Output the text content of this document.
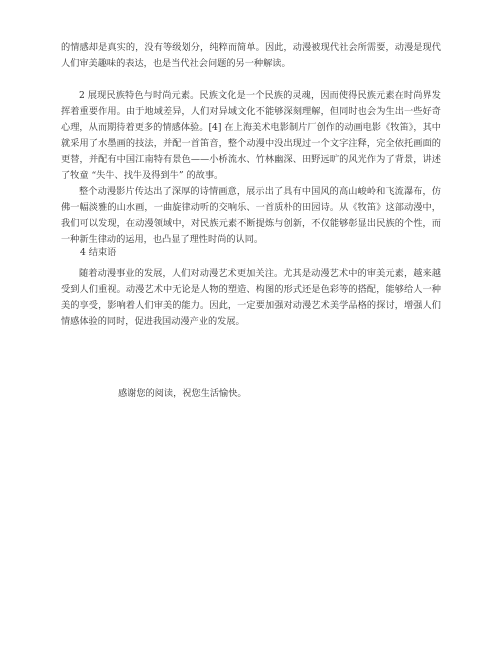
的情感却是真实的，没有等级划分，纯粹而简单。因此，动漫被现代社会所需要，动漫是现代人们审美趣味的表达，也是当代社会问题的另一种解读。

2 展现民族特色与时尚元素。民族文化是一个民族的灵魂，因而使得民族元素在时尚界发挥着重要作用。由于地域差异，人们对异域文化不能够深刻理解，但同时也会为生出一些好奇心理，从而期待着更多的情感体验。[4] 在上海美术电影制片厂创作的动画电影《牧笛》，其中就采用了水墨画的技法，并配一首笛音，整个动漫中没出现过一个文字注释，完全依托画面的更替，并配有中国江南特有景色——小桥流水、竹林幽深、田野远旷的风光作为了背景，讲述了牧童 “失牛、找牛及得到牛” 的故事。

整个动漫影片传达出了深厚的诗情画意，展示出了具有中国风的高山峻岭和飞流瀑布，仿佛一幅淡雅的山水画，一曲旋律动听的交响乐、一首质朴的田园诗。从《牧笛》这部动漫中，我们可以发现，在动漫领域中，对民族元素不断提炼与创新，不仅能够彰显出民族的个性，而一种新生律动的运用，也凸显了理性时尚的认同。

4 结束语

随着动漫事业的发展，人们对动漫艺术更加关注。尤其是动漫艺术中的审美元素，越来越受到人们重视。动漫艺术中无论是人物的塑造、构图的形式还是色彩等的搭配，能够给人一种美的享受，影响着人们审美的能力。因此，一定要加强对动漫艺术美学品格的探讨，增强人们情感体验的同时，促进我国动漫产业的发展。

感谢您的阅读，祝您生活愉快。
